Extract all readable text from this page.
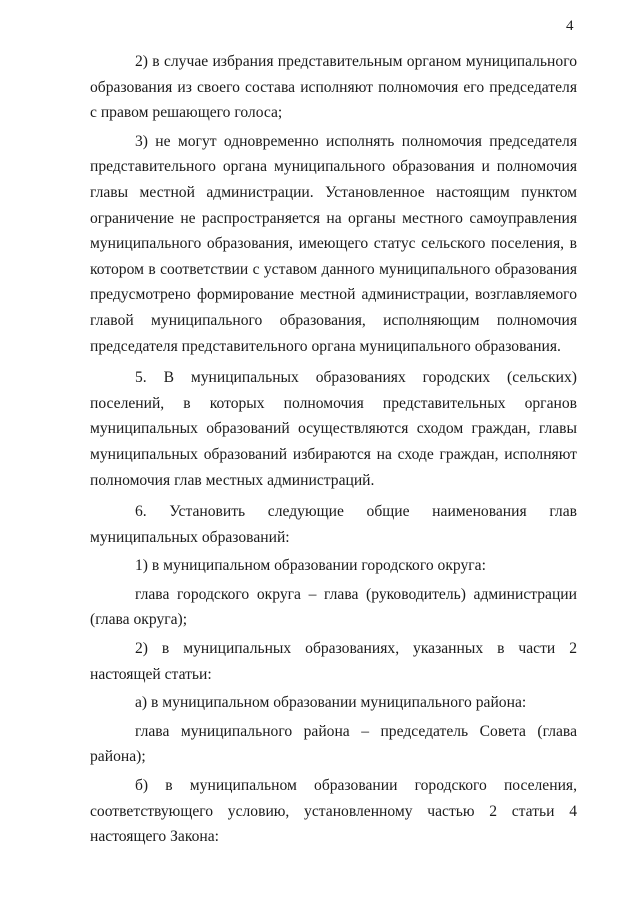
4

2) в случае избрания представительным органом муниципального образования из своего состава исполняют полномочия его председателя с правом решающего голоса;

3) не могут одновременно исполнять полномочия председателя представительного органа муниципального образования и полномочия главы местной администрации. Установленное настоящим пунктом ограничение не распространяется на органы местного самоуправления муниципального образования, имеющего статус сельского поселения, в котором в соответствии с уставом данного муниципального образования предусмотрено формирование местной администрации, возглавляемого главой муниципального образования, исполняющим полномочия председателя представительного органа муниципального образования.

5. В муниципальных образованиях городских (сельских) поселений, в которых полномочия представительных органов муниципальных образований осуществляются сходом граждан, главы муниципальных образований избираются на сходе граждан, исполняют полномочия глав местных администраций.

6. Установить следующие общие наименования глав муниципальных образований:

1) в муниципальном образовании городского округа:

глава городского округа – глава (руководитель) администрации (глава округа);

2) в муниципальных образованиях, указанных в части 2 настоящей статьи:

а) в муниципальном образовании муниципального района:

глава муниципального района – председатель Совета (глава района);

б) в муниципальном образовании городского поселения, соответствующего условию, установленному частью 2 статьи 4 настоящего Закона:
